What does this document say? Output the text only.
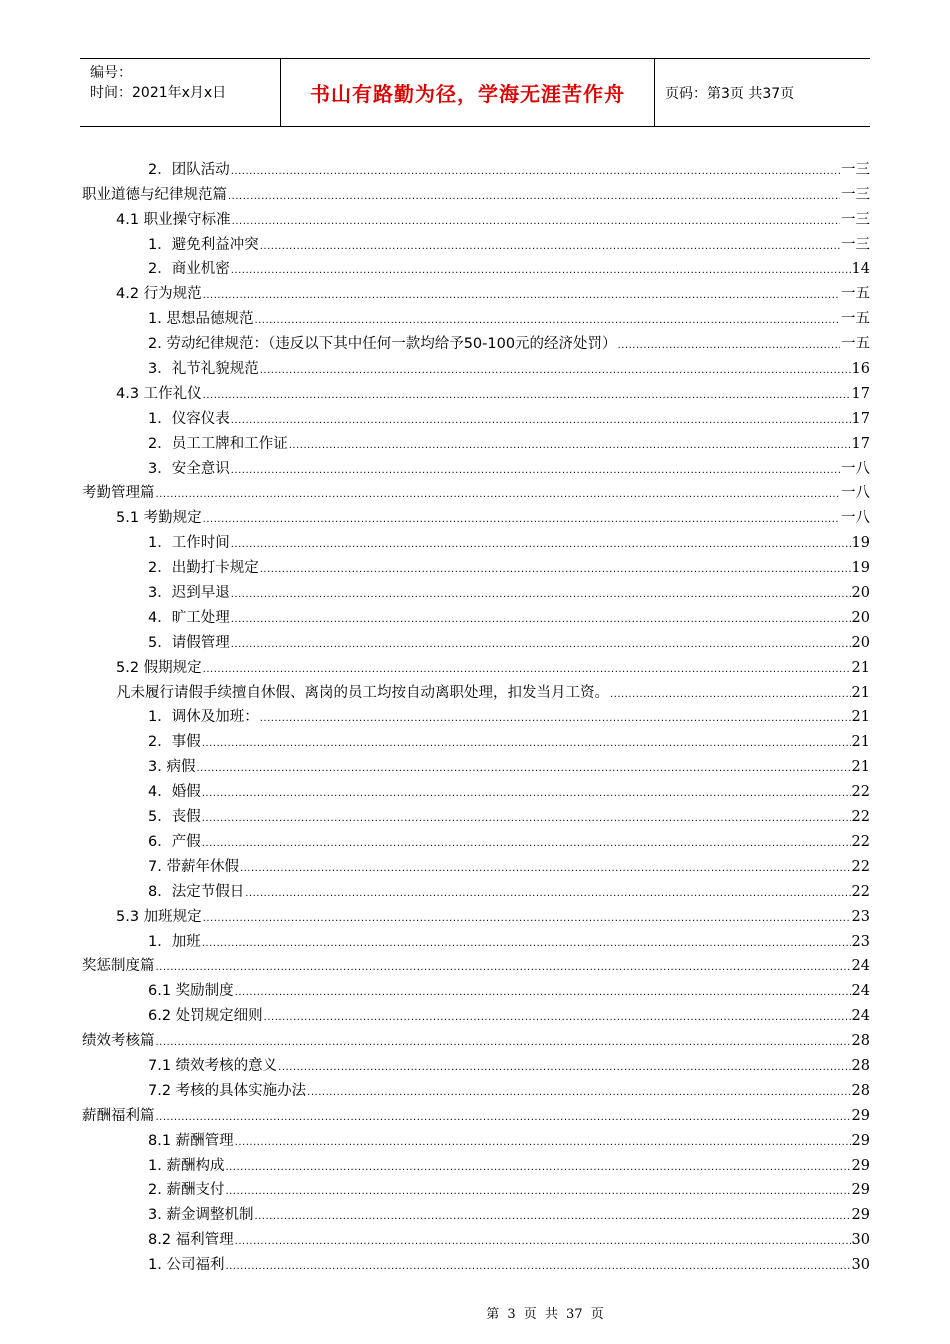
编号：
时间：2021年x月x日	书山有路勤为径，学海无涯苦作舟	页码：第3页 共37页
2．团队活动 .....	一三
职业道德与纪律规范篇 .....	一三
4.1 职业操守标准 .....	一三
1．避免利益冲突 .....	一三
2．商业机密 .....	14
4.2 行为规范 .....	一五
1. 思想品德规范 .....	一五
2. 劳动纪律规范：（违反以下其中任何一款均给予50-100元的经济处罚） .....	一五
3．礼节礼貌规范 .....	16
4.3 工作礼仪 .....	17
1．仪容仪表 .....	17
2．员工工牌和工作证 .....	17
3．安全意识 .....	一八
考勤管理篇 .....	一八
5.1 考勤规定 .....	一八
1．工作时间 .....	19
2．出勤打卡规定 .....	19
3．迟到早退 .....	20
4．旷工处理 .....	20
5．请假管理 .....	20
5.2 假期规定 .....	21
凡未履行请假手续擅自休假、离岗的员工均按自动离职处理，扣发当月工资。 .....	21
1．调休及加班： .....	21
2．事假 .....	21
3. 病假 .....	21
4．婚假 .....	22
5．丧假 .....	22
6．产假 .....	22
7. 带薪年休假 .....	22
8．法定节假日 .....	22
5.3 加班规定 .....	23
1．加班 .....	23
奖惩制度篇 .....	24
6.1 奖励制度 .....	24
6.2 处罚规定细则 .....	24
绩效考核篇 .....	28
7.1 绩效考核的意义 .....	28
7.2 考核的具体实施办法 .....	28
薪酬福利篇 .....	29
8.1 薪酬管理 .....	29
1. 薪酬构成 .....	29
2. 薪酬支付 .....	29
3. 薪金调整机制 .....	29
8.2 福利管理 .....	30
1. 公司福利 .....	30
第 3 页 共 37 页
